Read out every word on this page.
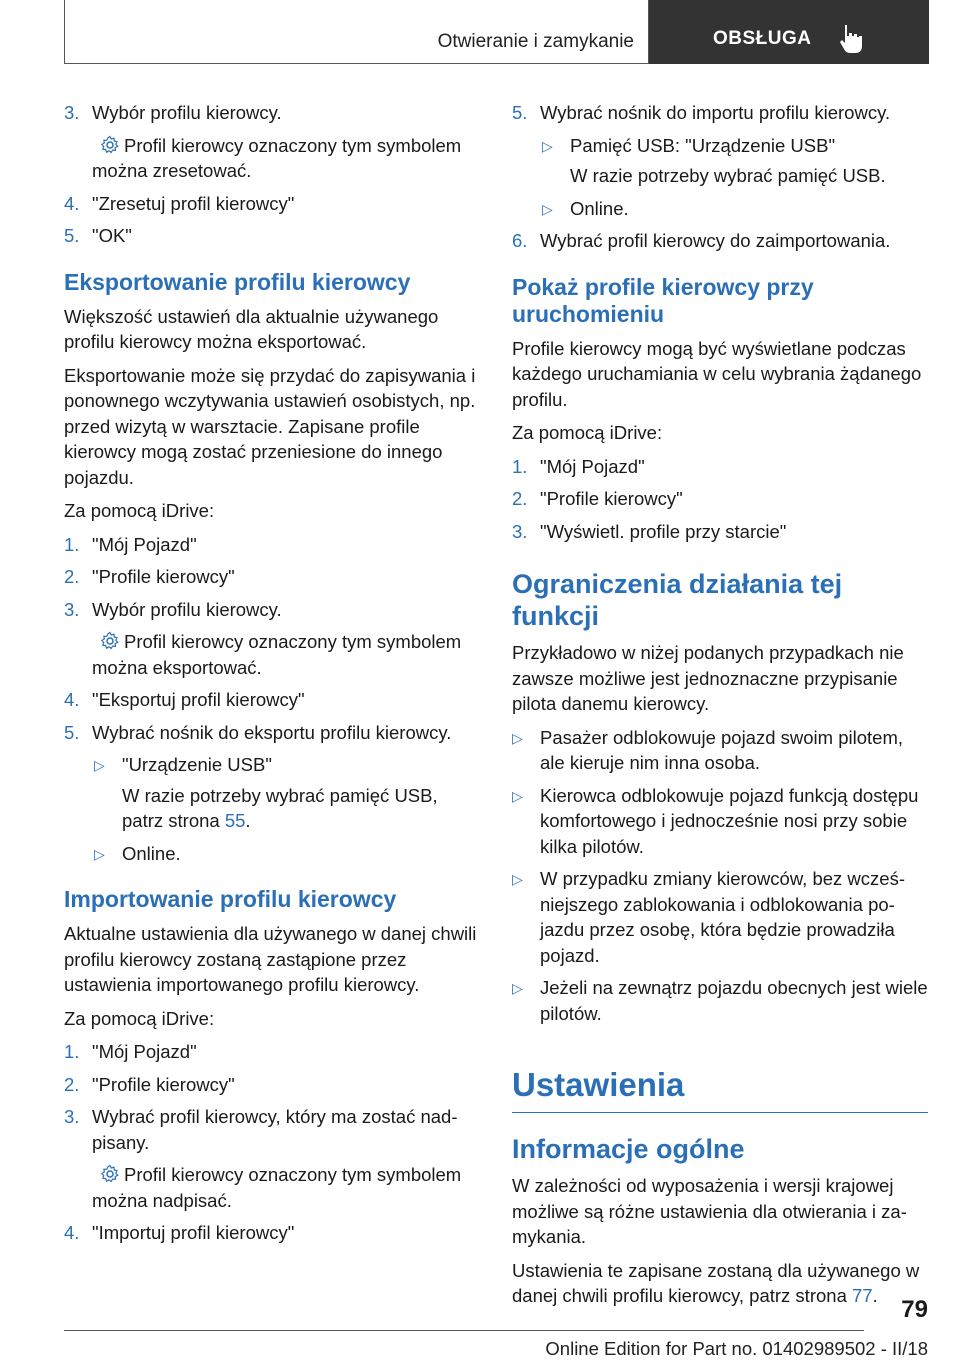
Otwieranie i zamykanie	OBSŁUGA
3. Wybór profilu kierowcy.
Profil kierowcy oznaczony tym symbolem można zresetować.
4. "Zresetuj profil kierowcy"
5. "OK"
Eksportowanie profilu kierowcy

Większość ustawień dla aktualnie używanego profilu kierowcy można eksportować.

Eksportowanie może się przydać do zapisywania i ponownego wczytywania ustawień osobistych, np. przed wizytą w warsztacie. Zapisane profile kierowcy mogą zostać przeniesione do innego pojazdu.

Za pomocą iDrive:

1. "Mój Pojazd"
2. "Profile kierowcy"
3. Wybór profilu kierowcy.
Profil kierowcy oznaczony tym symbolem można eksportować.
4. "Eksportuj profil kierowcy"
5. Wybrać nośnik do eksportu profilu kierowcy.
▷ "Urządzenie USB"
W razie potrzeby wybrać pamięć USB, patrz strona 55.
▷ Online.
Importowanie profilu kierowcy

Aktualne ustawienia dla używanego w danej chwili profilu kierowcy zostaną zastąpione przez ustawienia importowanego profilu kierowcy.

Za pomocą iDrive:

1. "Mój Pojazd"
2. "Profile kierowcy"
3. Wybrać profil kierowcy, który ma zostać nadpisany.
Profil kierowcy oznaczony tym symbolem można nadpisać.
4. "Importuj profil kierowcy"
5. Wybrać nośnik do importu profilu kierowcy.
▷ Pamięć USB: "Urządzenie USB"
W razie potrzeby wybrać pamięć USB.
▷ Online.
6. Wybrać profil kierowcy do zaimportowania.
Pokaż profile kierowcy przy uruchomieniu

Profile kierowcy mogą być wyświetlane podczas każdego uruchamiania w celu wybrania żądanego profilu.

Za pomocą iDrive:

1. "Mój Pojazd"
2. "Profile kierowcy"
3. "Wyświetl. profile przy starcie"
Ograniczenia działania tej funkcji

Przykładowo w niżej podanych przypadkach nie zawsze możliwe jest jednoznaczne przypisanie pilota danemu kierowcy.

▷ Pasażer odblokowuje pojazd swoim pilotem, ale kieruje nim inna osoba.
▷ Kierowca odblokowuje pojazd funkcją dostępu komfortowego i jednocześnie nosi przy sobie kilka pilotów.
▷ W przypadku zmiany kierowców, bez wcześniejszego zablokowania i odblokowania pojazdu przez osobę, która będzie prowadziła pojazd.
▷ Jeżeli na zewnątrz pojazdu obecnych jest wiele pilotów.
Ustawienia
Informacje ogólne

W zależności od wyposażenia i wersji krajowej możliwe są różne ustawienia dla otwierania i zamykania.

Ustawienia te zapisane zostaną dla używanego w danej chwili profilu kierowcy, patrz strona 77.

79
Online Edition for Part no. 01402989502 - II/18
